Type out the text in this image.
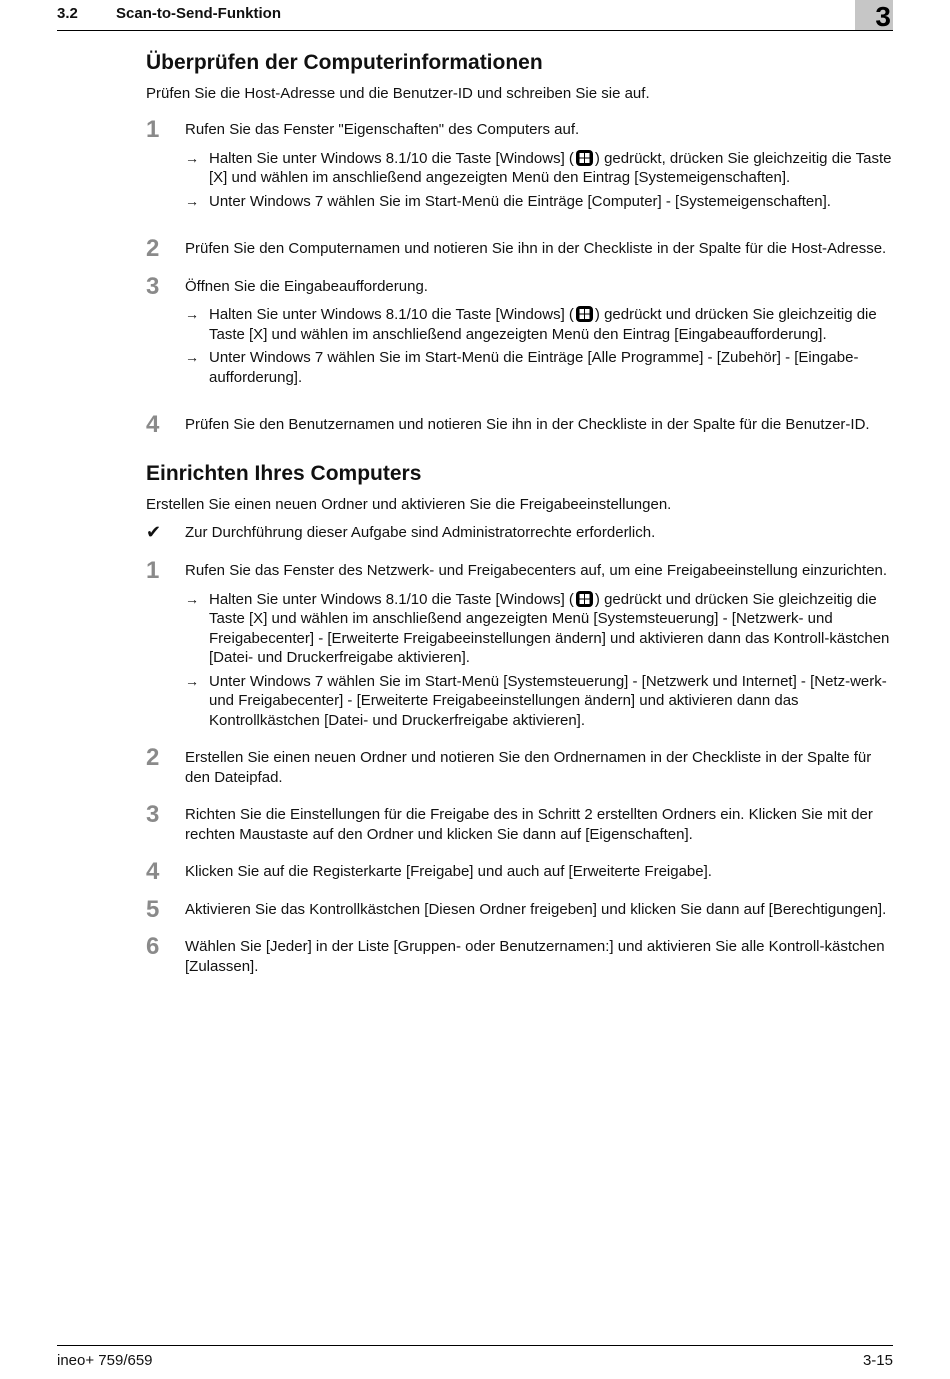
3.2	Scan-to-Send-Funktion	3
Überprüfen der Computerinformationen

Prüfen Sie die Host-Adresse und die Benutzer-ID und schreiben Sie sie auf.

1 Rufen Sie das Fenster "Eigenschaften" des Computers auf.
→ Halten Sie unter Windows 8.1/10 die Taste [Windows] ( ) gedrückt, drücken Sie gleichzeitig die Taste [X] und wählen im anschließend angezeigten Menü den Eintrag [Systemeigenschaften].
→ Unter Windows 7 wählen Sie im Start-Menü die Einträge [Computer] - [Systemeigenschaften].
2 Prüfen Sie den Computernamen und notieren Sie ihn in der Checkliste in der Spalte für die Host-Adresse.
3 Öffnen Sie die Eingabeaufforderung.
→ Halten Sie unter Windows 8.1/10 die Taste [Windows] ( ) gedrückt und drücken Sie gleichzeitig die Taste [X] und wählen im anschließend angezeigten Menü den Eintrag [Eingabeaufforderung].
→ Unter Windows 7 wählen Sie im Start-Menü die Einträge [Alle Programme] - [Zubehör] - [Eingabe-aufforderung].
4 Prüfen Sie den Benutzernamen und notieren Sie ihn in der Checkliste in der Spalte für die Benutzer-ID.
Einrichten Ihres Computers

Erstellen Sie einen neuen Ordner und aktivieren Sie die Freigabeeinstellungen.

✔ Zur Durchführung dieser Aufgabe sind Administratorrechte erforderlich.
1 Rufen Sie das Fenster des Netzwerk- und Freigabecenters auf, um eine Freigabeeinstellung einzurichten.
→ Halten Sie unter Windows 8.1/10 die Taste [Windows] ( ) gedrückt und drücken Sie gleichzeitig die Taste [X] und wählen im anschließend angezeigten Menü [Systemsteuerung] - [Netzwerk- und Freigabecenter] - [Erweiterte Freigabeeinstellungen ändern] und aktivieren dann das Kontroll-kästchen [Datei- und Druckerfreigabe aktivieren].
→ Unter Windows 7 wählen Sie im Start-Menü [Systemsteuerung] - [Netzwerk und Internet] - [Netz-werk- und Freigabecenter] - [Erweiterte Freigabeeinstellungen ändern] und aktivieren dann das Kontrollkästchen [Datei- und Druckerfreigabe aktivieren].
2 Erstellen Sie einen neuen Ordner und notieren Sie den Ordnernamen in der Checkliste in der Spalte für den Dateipfad.
3 Richten Sie die Einstellungen für die Freigabe des in Schritt 2 erstellten Ordners ein. Klicken Sie mit der rechten Maustaste auf den Ordner und klicken Sie dann auf [Eigenschaften].
4 Klicken Sie auf die Registerkarte [Freigabe] und auch auf [Erweiterte Freigabe].
5 Aktivieren Sie das Kontrollkästchen [Diesen Ordner freigeben] und klicken Sie dann auf [Berechtigungen].
6 Wählen Sie [Jeder] in der Liste [Gruppen- oder Benutzernamen:] und aktivieren Sie alle Kontroll-kästchen [Zulassen].
ineo+ 759/659	3-15
